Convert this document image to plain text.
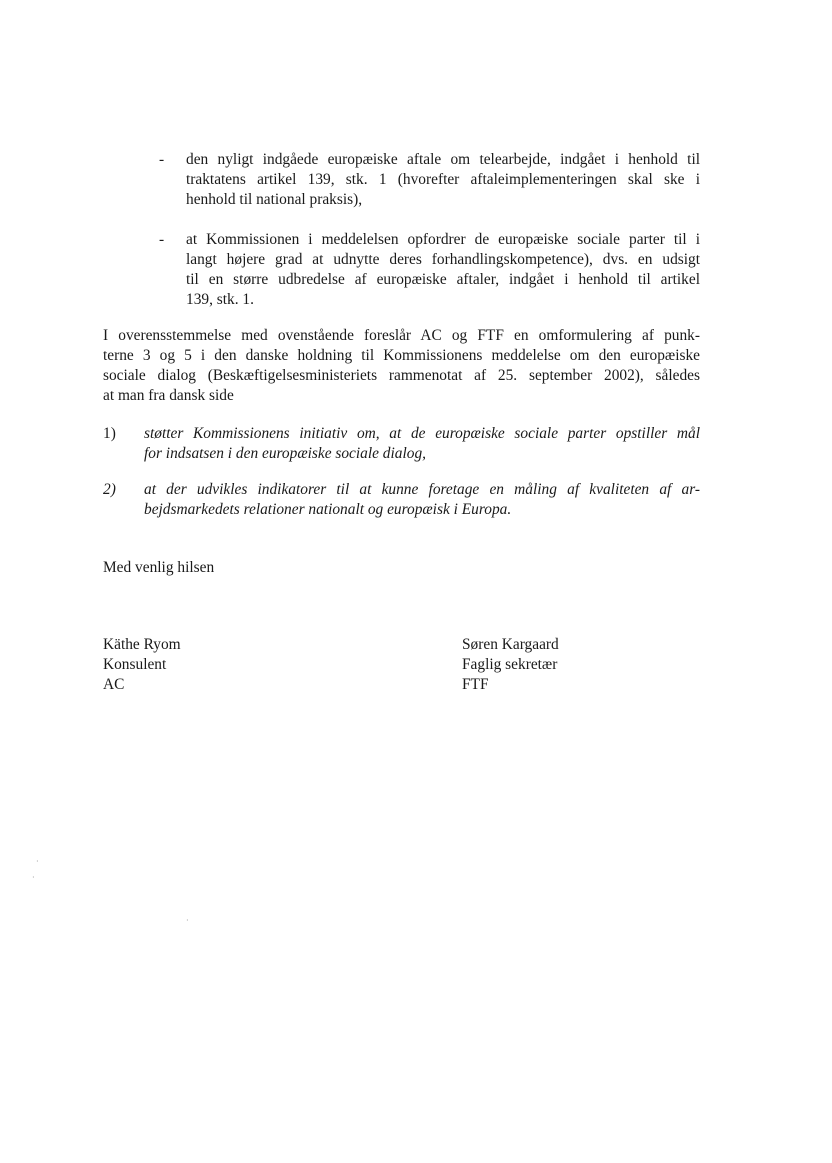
- den nyligt indgåede europæiske aftale om telearbejde, indgået i henhold til
traktatens artikel 139, stk. 1 (hvorefter aftaleimplementeringen skal ske i
henhold til national praksis),
- at Kommissionen i meddelelsen opfordrer de europæiske sociale parter til i
langt højere grad at udnytte deres forhandlingskompetence), dvs. en udsigt
til en større udbredelse af europæiske aftaler, indgået i henhold til artikel
139, stk. 1.
I overensstemmelse med ovenstående foreslår AC og FTF en omformulering af punk-
terne 3 og 5 i den danske holdning til Kommissionens meddelelse om den europæiske
sociale dialog (Beskæftigelsesministeriets rammenotat af 25. september 2002), således
at man fra dansk side
1) støtter Kommissionens initiativ om, at de europæiske sociale parter opstiller mål
for indsatsen i den europæiske sociale dialog,
2) at der udvikles indikatorer til at kunne foretage en måling af kvaliteten af ar-
bejdsmarkedets relationer nationalt og europæisk i Europa.
Med venlig hilsen
Käthe Ryom
Konsulent
AC
Søren Kargaard
Faglig sekretær
FTF
·
·
·
